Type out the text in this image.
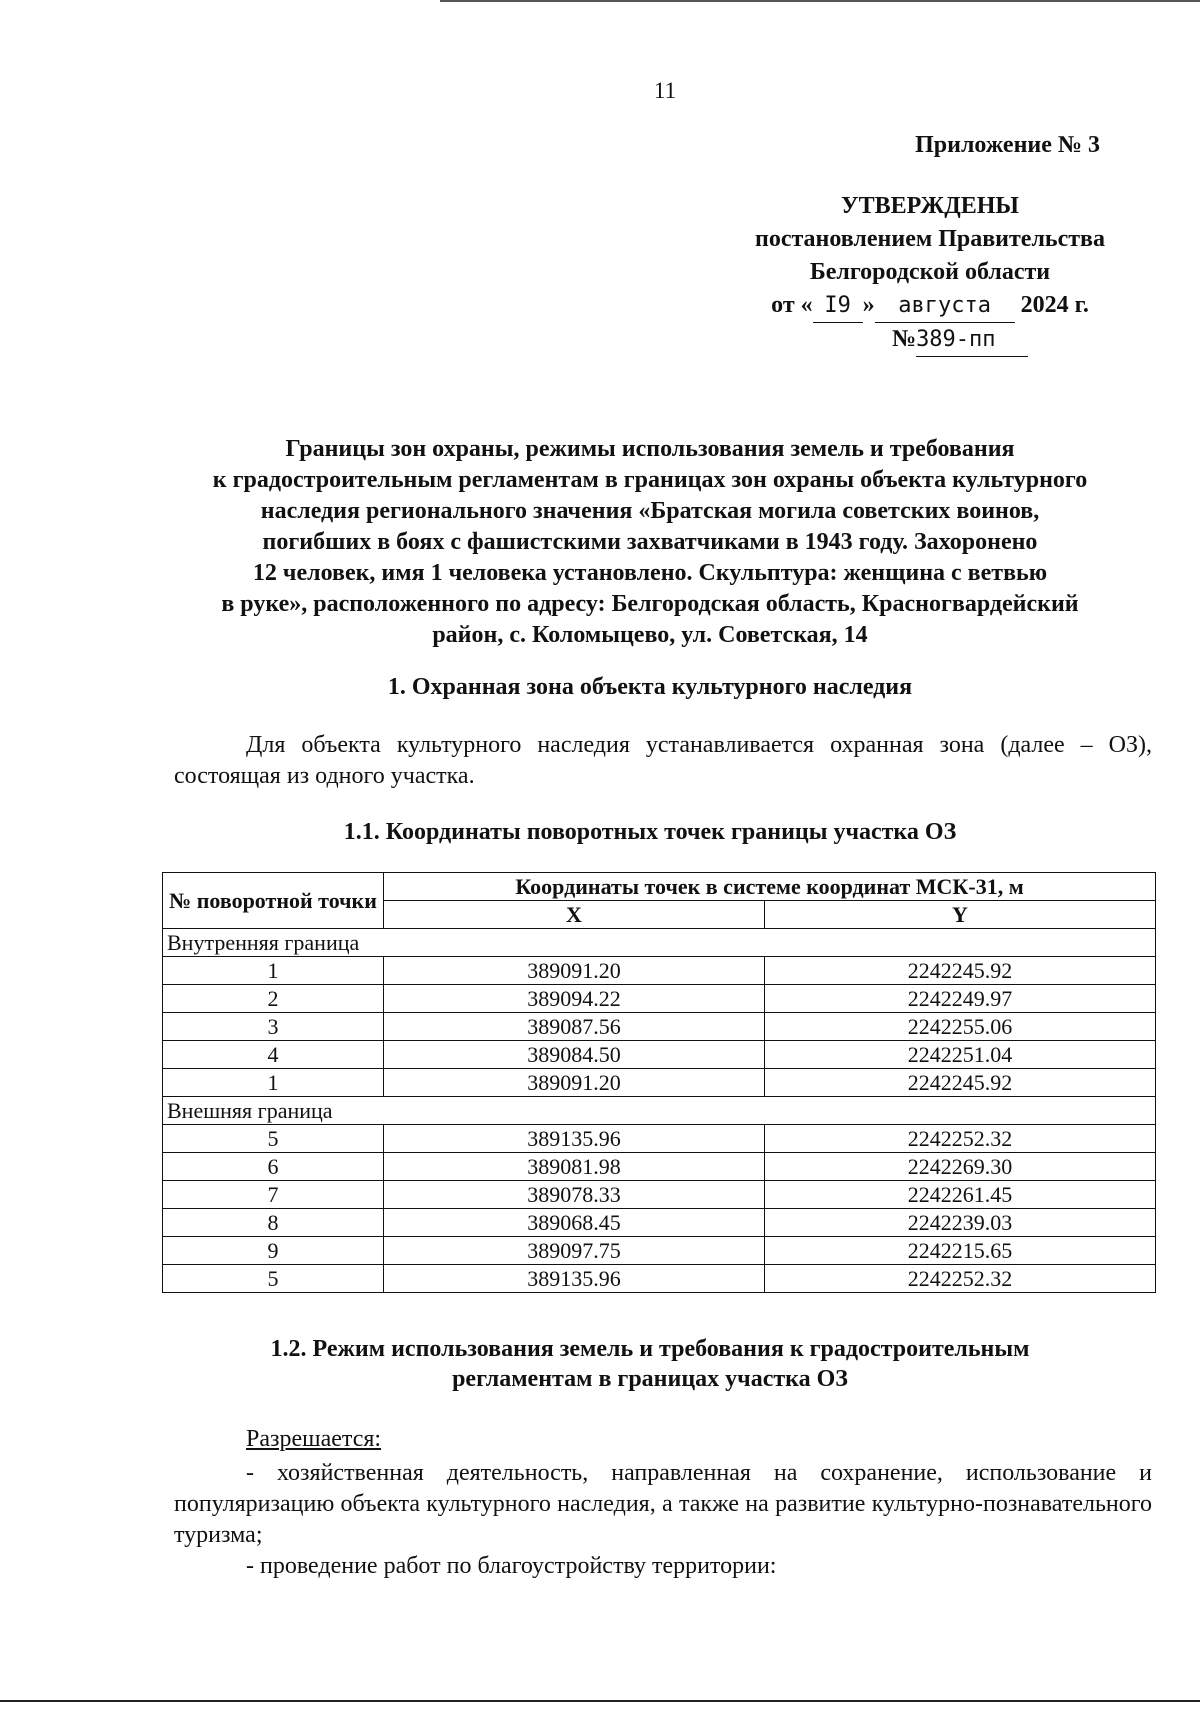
11
Приложение № 3
УТВЕРЖДЕНЫ
постановлением Правительства
Белгородской области
от « I9 » августа 2024 г.
№389-пп
Границы зон охраны, режимы использования земель и требования
к градостроительным регламентам в границах зон охраны объекта культурного
наследия регионального значения «Братская могила советских воинов,
погибших в боях с фашистскими захватчиками в 1943 году. Захоронено
12 человек, имя 1 человека установлено. Скульптура: женщина с ветвью
в руке», расположенного по адресу: Белгородская область, Красногвардейский
район, с. Коломыцево, ул. Советская, 14
1. Охранная зона объекта культурного наследия
Для объекта культурного наследия устанавливается охранная зона (далее – ОЗ), состоящая из одного участка.
1.1. Координаты поворотных точек границы участка ОЗ
№ поворотной точки	Координаты точек в системе координат МСК-31, м	
	X	Y
Внутренняя граница		
1	389091.20	2242245.92
2	389094.22	2242249.97
3	389087.56	2242255.06
4	389084.50	2242251.04
1	389091.20	2242245.92
Внешняя граница		
5	389135.96	2242252.32
6	389081.98	2242269.30
7	389078.33	2242261.45
8	389068.45	2242239.03
9	389097.75	2242215.65
5	389135.96	2242252.32
1.2. Режим использования земель и требования к градостроительным
регламентам в границах участка ОЗ
Разрешается:
- хозяйственная деятельность, направленная на сохранение, использование и популяризацию объекта культурного наследия, а также на развитие культурно-познавательного туризма;
- проведение работ по благоустройству территории:
